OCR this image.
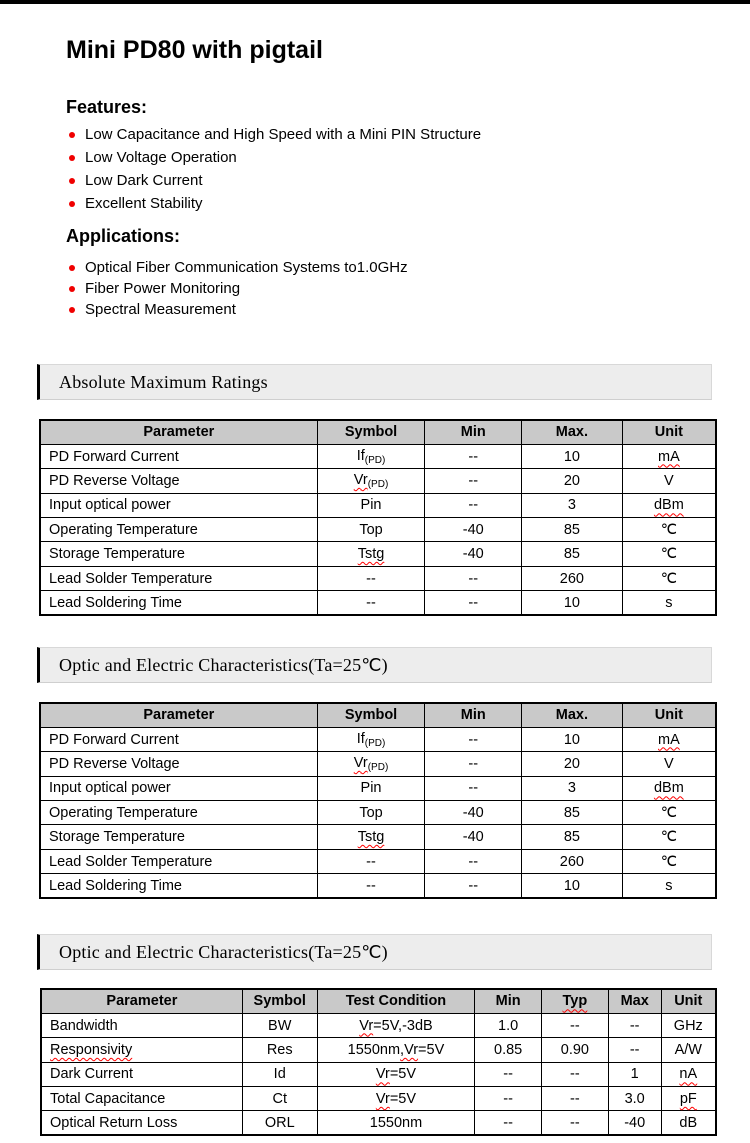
Mini PD80 with pigtail
Features:
Low Capacitance and High Speed with a Mini PIN Structure
Low Voltage Operation
Low Dark Current
Excellent Stability
Applications:
Optical Fiber Communication Systems to1.0GHz
Fiber Power Monitoring
Spectral Measurement
Absolute Maximum Ratings
Parameter	Symbol	Min	Max.	Unit
PD Forward Current	$If_{(PD)}$	--	10	mA
PD Reverse Voltage	$Vr_{(PD)}$	--	20	V
Input optical power	Pin	--	3	dBm
Operating Temperature	Top	-40	85	℃
Storage Temperature	Tstg	-40	85	℃
Lead Solder Temperature	--	--	260	℃
Lead Soldering Time	--	--	10	s
Optic and Electric Characteristics(Ta=25℃)
Parameter	Symbol	Min	Max.	Unit
PD Forward Current	$If_{(PD)}$	--	10	mA
PD Reverse Voltage	$Vr_{(PD)}$	--	20	V
Input optical power	Pin	--	3	dBm
Operating Temperature	Top	-40	85	℃
Storage Temperature	Tstg	-40	85	℃
Lead Solder Temperature	--	--	260	℃
Lead Soldering Time	--	--	10	s
Optic and Electric Characteristics(Ta=25℃)
Parameter	Symbol	Test Condition	Min	Typ	Max	Unit
Bandwidth	BW	Vr=5V,-3dB	1.0	--	--	GHz
Responsivity	Res	1550nm,Vr=5V	0.85	0.90	--	A/W
Dark Current	Id	Vr=5V	--	--	1	nA
Total Capacitance	Ct	Vr=5V	--	--	3.0	pF
Optical Return Loss	ORL	1550nm	--	--	-40	dB
